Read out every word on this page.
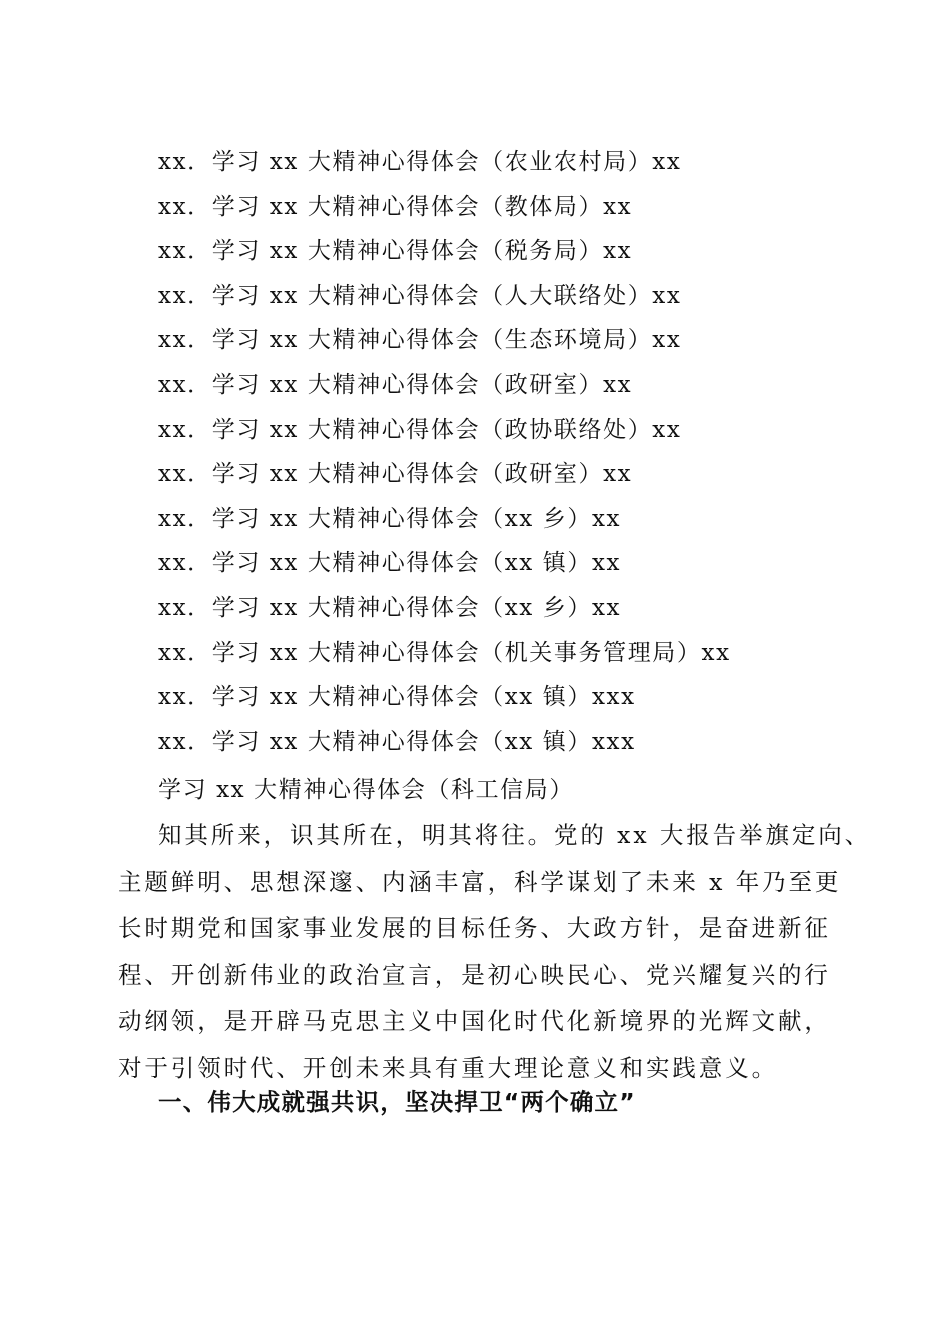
xx．学习 xx 大精神心得体会（农业农村局）xx
xx．学习 xx 大精神心得体会（教体局）xx
xx．学习 xx 大精神心得体会（税务局）xx
xx．学习 xx 大精神心得体会（人大联络处）xx
xx．学习 xx 大精神心得体会（生态环境局）xx
xx．学习 xx 大精神心得体会（政研室）xx
xx．学习 xx 大精神心得体会（政协联络处）xx
xx．学习 xx 大精神心得体会（政研室）xx
xx．学习 xx 大精神心得体会（xx 乡）xx
xx．学习 xx 大精神心得体会（xx 镇）xx
xx．学习 xx 大精神心得体会（xx 乡）xx
xx．学习 xx 大精神心得体会（机关事务管理局）xx
xx．学习 xx 大精神心得体会（xx 镇）xxx
xx．学习 xx 大精神心得体会（xx 镇）xxx
学习 xx 大精神心得体会（科工信局）
知其所来，识其所在，明其将往。党的 xx 大报告举旗定向、
主题鲜明、思想深邃、内涵丰富，科学谋划了未来 x 年乃至更
长时期党和国家事业发展的目标任务、大政方针，是奋进新征
程、开创新伟业的政治宣言，是初心映民心、党兴耀复兴的行
动纲领，是开辟马克思主义中国化时代化新境界的光辉文献，
对于引领时代、开创未来具有重大理论意义和实践意义。
一、伟大成就强共识，坚决捍卫“两个确立”
